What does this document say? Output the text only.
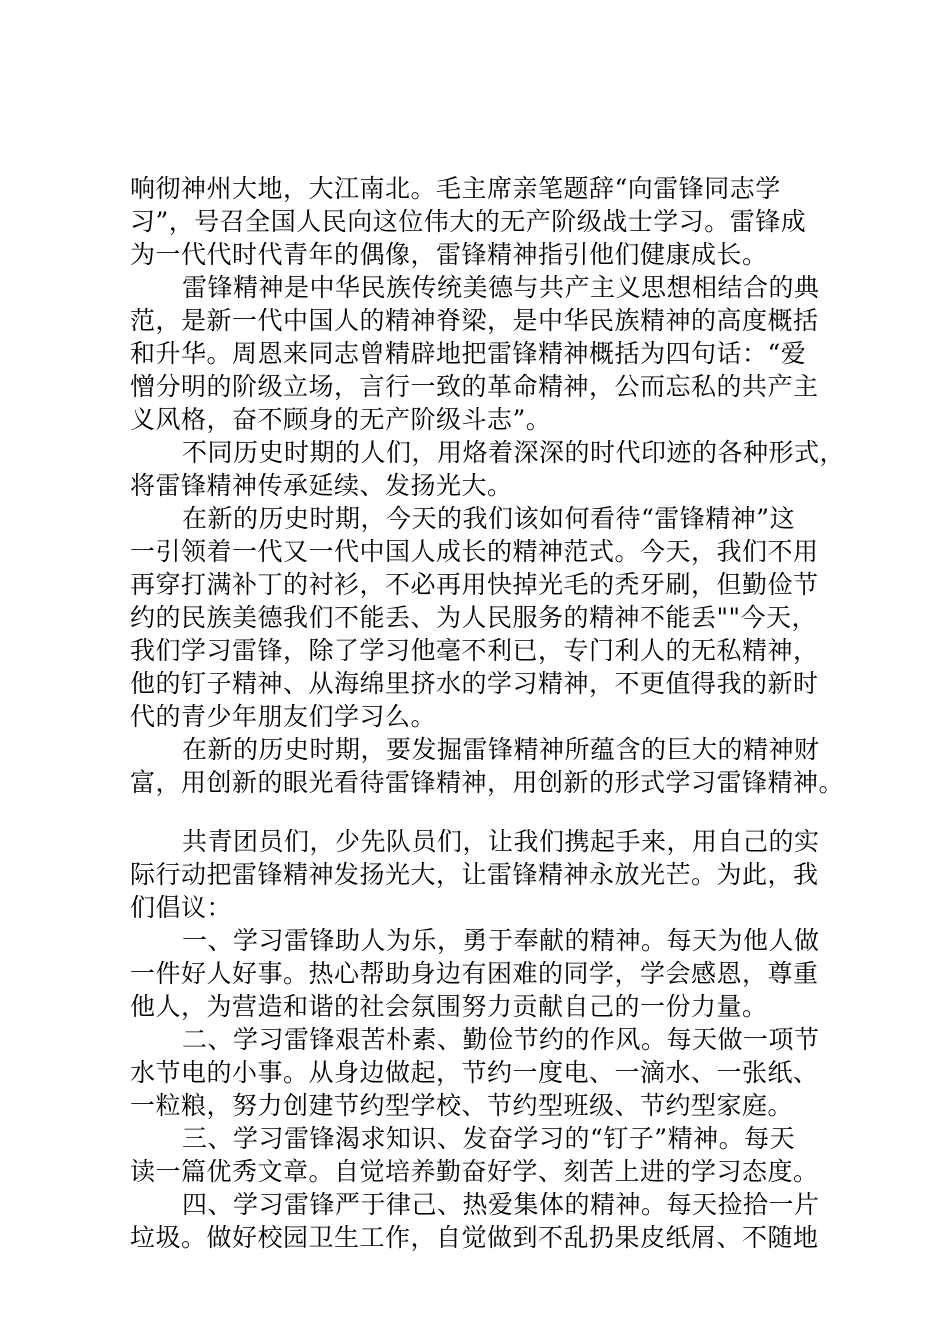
响彻神州大地，大江南北。毛主席亲笔题辞“向雷锋同志学
习”，号召全国人民向这位伟大的无产阶级战士学习。雷锋成
为一代代时代青年的偶像，雷锋精神指引他们健康成长。
雷锋精神是中华民族传统美德与共产主义思想相结合的典
范，是新一代中国人的精神脊梁，是中华民族精神的高度概括
和升华。周恩来同志曾精辟地把雷锋精神概括为四句话：“爱
憎分明的阶级立场，言行一致的革命精神，公而忘私的共产主
义风格，奋不顾身的无产阶级斗志”。
不同历史时期的人们，用烙着深深的时代印迹的各种形式，
将雷锋精神传承延续、发扬光大。
在新的历史时期，今天的我们该如何看待“雷锋精神”这
一引领着一代又一代中国人成长的精神范式。今天，我们不用
再穿打满补丁的衬衫，不必再用快掉光毛的秃牙刷，但勤俭节
约的民族美德我们不能丢、为人民服务的精神不能丢""今天，
我们学习雷锋，除了学习他毫不利已，专门利人的无私精神，
他的钉子精神、从海绵里挤水的学习精神，不更值得我的新时
代的青少年朋友们学习么。
在新的历史时期，要发掘雷锋精神所蕴含的巨大的精神财
富，用创新的眼光看待雷锋精神，用创新的形式学习雷锋精神。
共青团员们，少先队员们，让我们携起手来，用自己的实
际行动把雷锋精神发扬光大，让雷锋精神永放光芒。为此，我
们倡议：
一、学习雷锋助人为乐，勇于奉献的精神。每天为他人做
一件好人好事。热心帮助身边有困难的同学，学会感恩，尊重
他人，为营造和谐的社会氛围努力贡献自己的一份力量。
二、学习雷锋艰苦朴素、勤俭节约的作风。每天做一项节
水节电的小事。从身边做起，节约一度电、一滴水、一张纸、
一粒粮，努力创建节约型学校、节约型班级、节约型家庭。
三、学习雷锋渴求知识、发奋学习的“钉子”精神。每天
读一篇优秀文章。自觉培养勤奋好学、刻苦上进的学习态度。
四、学习雷锋严于律己、热爱集体的精神。每天捡拾一片
垃圾。做好校园卫生工作，自觉做到不乱扔果皮纸屑、不随地
